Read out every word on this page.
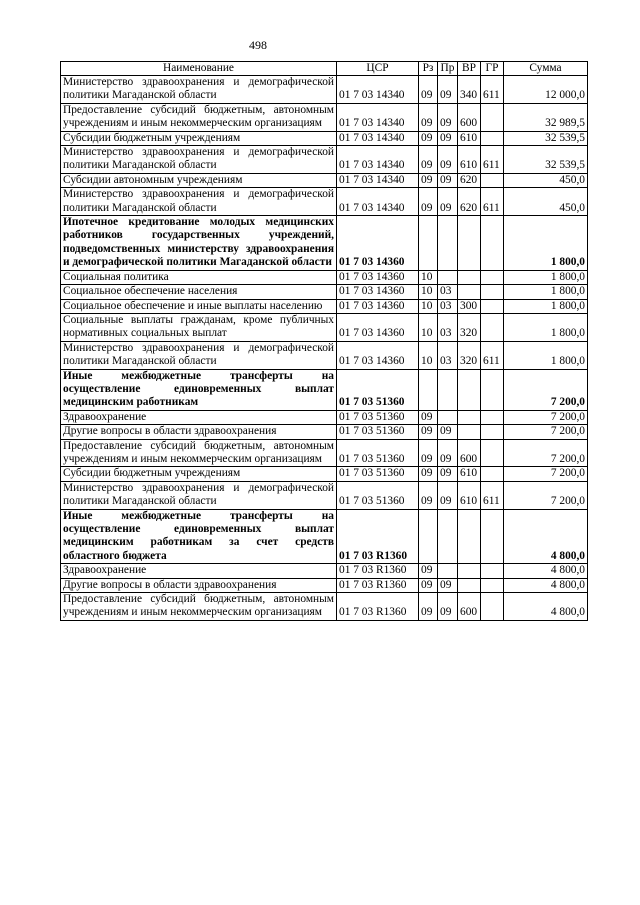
498
Наименование	ЦСР	Рз	Пр	ВР	ГР	Сумма
Министерство здравоохранения и демографической политики Магаданской области	01 7 03 14340	09	09	340	611	12 000,0
Предоставление субсидий бюджетным, автономным учреждениям и иным некоммерческим организациям	01 7 03 14340	09	09	600		32 989,5
Субсидии бюджетным учреждениям	01 7 03 14340	09	09	610		32 539,5
Министерство здравоохранения и демографической политики Магаданской области	01 7 03 14340	09	09	610	611	32 539,5
Субсидии автономным учреждениям	01 7 03 14340	09	09	620		450,0
Министерство здравоохранения и демографической политики Магаданской области	01 7 03 14340	09	09	620	611	450,0
Ипотечное кредитование молодых медицинских работников государственных учреждений, подведомственных министерству здравоохранения и демографической политики Магаданской области	01 7 03 14360					1 800,0
Социальная политика	01 7 03 14360	10				1 800,0
Социальное обеспечение населения	01 7 03 14360	10	03			1 800,0
Социальное обеспечение и иные выплаты населению	01 7 03 14360	10	03	300		1 800,0
Социальные выплаты гражданам, кроме публичных нормативных социальных выплат	01 7 03 14360	10	03	320		1 800,0
Министерство здравоохранения и демографической политики Магаданской области	01 7 03 14360	10	03	320	611	1 800,0
Иные межбюджетные трансферты на осуществление единовременных выплат медицинским работникам	01 7 03 51360					7 200,0
Здравоохранение	01 7 03 51360	09				7 200,0
Другие вопросы в области здравоохранения	01 7 03 51360	09	09			7 200,0
Предоставление субсидий бюджетным, автономным учреждениям и иным некоммерческим организациям	01 7 03 51360	09	09	600		7 200,0
Субсидии бюджетным учреждениям	01 7 03 51360	09	09	610		7 200,0
Министерство здравоохранения и демографической политики Магаданской области	01 7 03 51360	09	09	610	611	7 200,0
Иные межбюджетные трансферты на осуществление единовременных выплат медицинским работникам за счет средств областного бюджета	01 7 03 R1360					4 800,0
Здравоохранение	01 7 03 R1360	09				4 800,0
Другие вопросы в области здравоохранения	01 7 03 R1360	09	09			4 800,0
Предоставление субсидий бюджетным, автономным учреждениям и иным некоммерческим организациям	01 7 03 R1360	09	09	600		4 800,0
